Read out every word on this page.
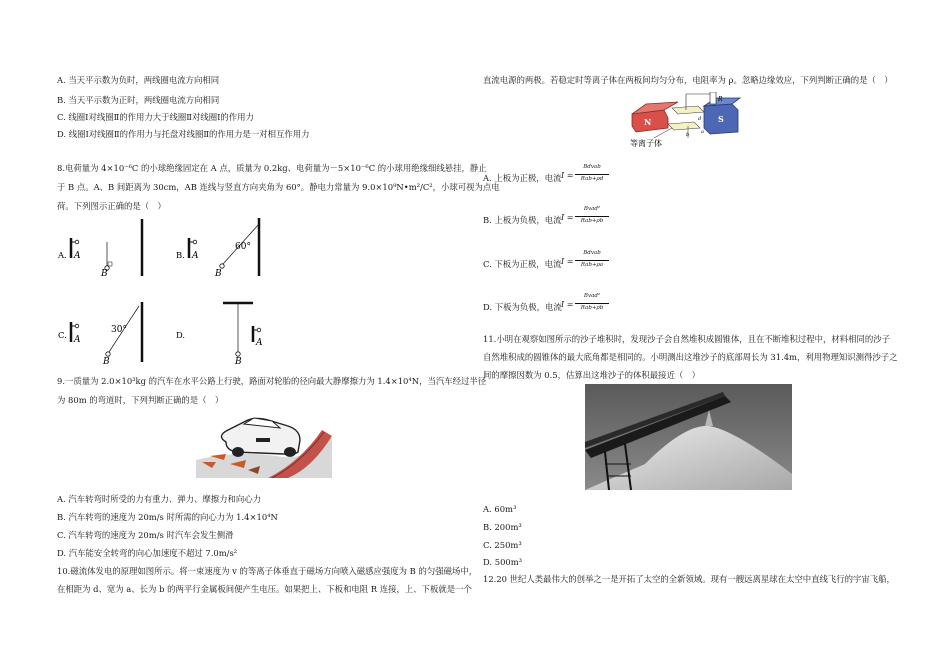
A. 当天平示数为负时，两线圈电流方向相同
B. 当天平示数为正时，两线圈电流方向相同
C. 线圈Ⅰ对线圈Ⅱ的作用力大于线圈Ⅱ对线圈Ⅰ的作用力
D. 线圈Ⅰ对线圈Ⅱ的作用力与托盘对线圈Ⅱ的作用力是一对相互作用力
8.电荷量为 4×10⁻⁶C 的小球绝缘固定在 A 点，质量为 0.2kg、电荷量为－5×10⁻⁶C 的小球用绝缘细线悬挂，静止
于 B 点。A、B 间距离为 30cm，AB 连线与竖直方向夹角为 60°。静电力常量为 9.0×10⁹N•m²/C²，小球可视为点电
荷。下列图示正确的是（　）
A. A
B
B. A
B
60°
C. A
B
30°	D.
B
A
9.一质量为 2.0×10³kg 的汽车在水平公路上行驶，路面对轮胎的径向最大静摩擦力为 1.4×10⁴N，当汽车经过半径
为 80m 的弯道时，下列判断正确的是（　）
A. 汽车转弯时所受的力有重力、弹力、摩擦力和向心力
B. 汽车转弯的速度为 20m/s 时所需的向心力为 1.4×10⁴N
C. 汽车转弯的速度为 20m/s 时汽车会发生侧滑
D. 汽车能安全转弯的向心加速度不超过 7.0m/s²
10.磁流体发电的原理如图所示。将一束速度为 v 的等离子体垂直于磁场方向喷入磁感应强度为 B 的匀强磁场中，
在相距为 d、宽为 a、长为 b 的两平行金属板间便产生电压。如果把上、下板和电阻 R 连接，上、下板就是一个
直流电源的两极。若稳定时等离子体在两板间均匀分布，电阻率为 ρ。忽略边缘效应，下列判断正确的是（　）
N	S
R
d
a
b
等离子体
A. 上板为正极，电流 I =
Bdvab
Rab+ρd
B. 上板为负极，电流 I =
Bvad²
Rab+ρb
C. 下板为正极，电流 I =
Bdvab
Rab+ρa
D. 下板为负极，电流 I =
Bvad²
Rab+ρb
11.小明在观察如图所示的沙子堆积时，发现沙子会自然堆积成圆锥体，且在不断堆积过程中，材料相同的沙子
自然堆积成的圆锥体的最大底角都是相同的。小明测出这堆沙子的底部周长为 31.4m，利用物理知识测得沙子之
间的摩擦因数为 0.5，估算出这堆沙子的体积最接近（　）
A. 60m³
B. 200m³
C. 250m³
D. 500m³
12.20 世纪人类最伟大的创举之一是开拓了太空的全新领域。现有一艘远离星球在太空中直线飞行的宇宙飞船，
